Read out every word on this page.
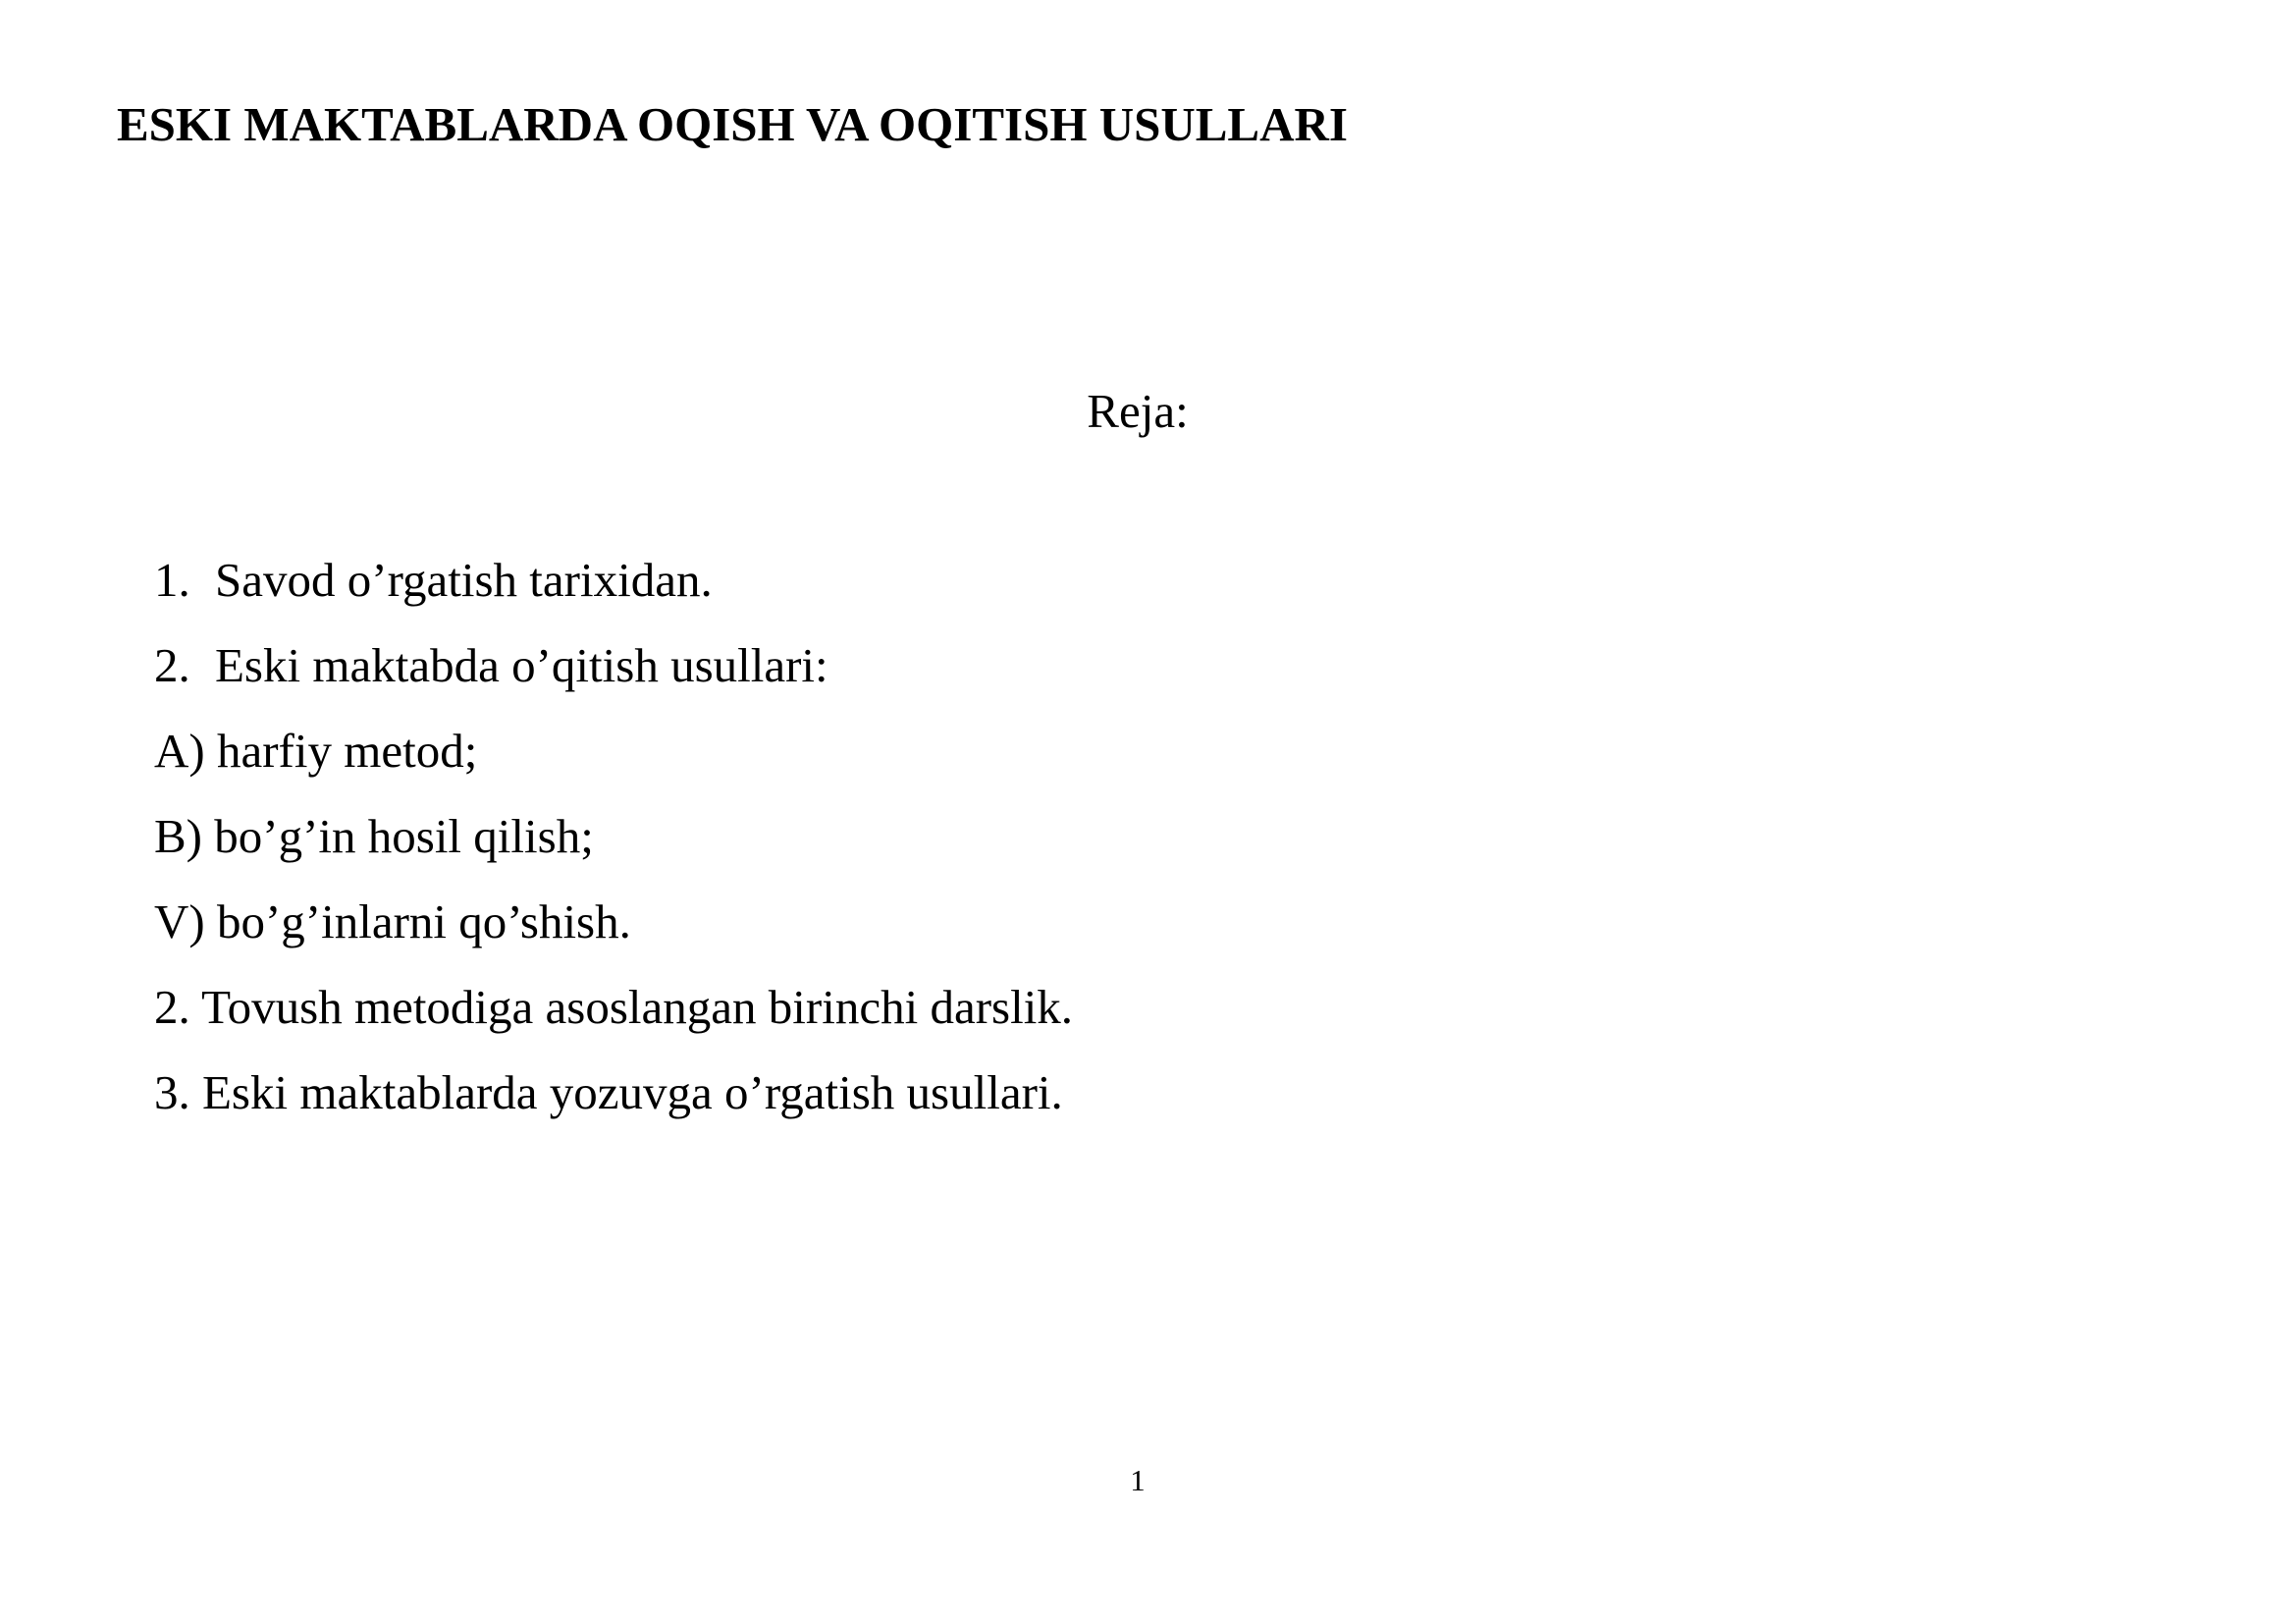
ESKI MAKTABLARDA OQISH VA OQITISH USULLARI
Reja:
1. Savod o’rgatish tarixidan.
2. Eski maktabda o’qitish usullari:
A) harfiy metod;
B) bo’g’in hosil qilish;
V) bo’g’inlarni qo’shish.
2. Tovush metodiga asoslangan birinchi darslik.
3. Eski maktablarda yozuvga o’rgatish usullari.
1
